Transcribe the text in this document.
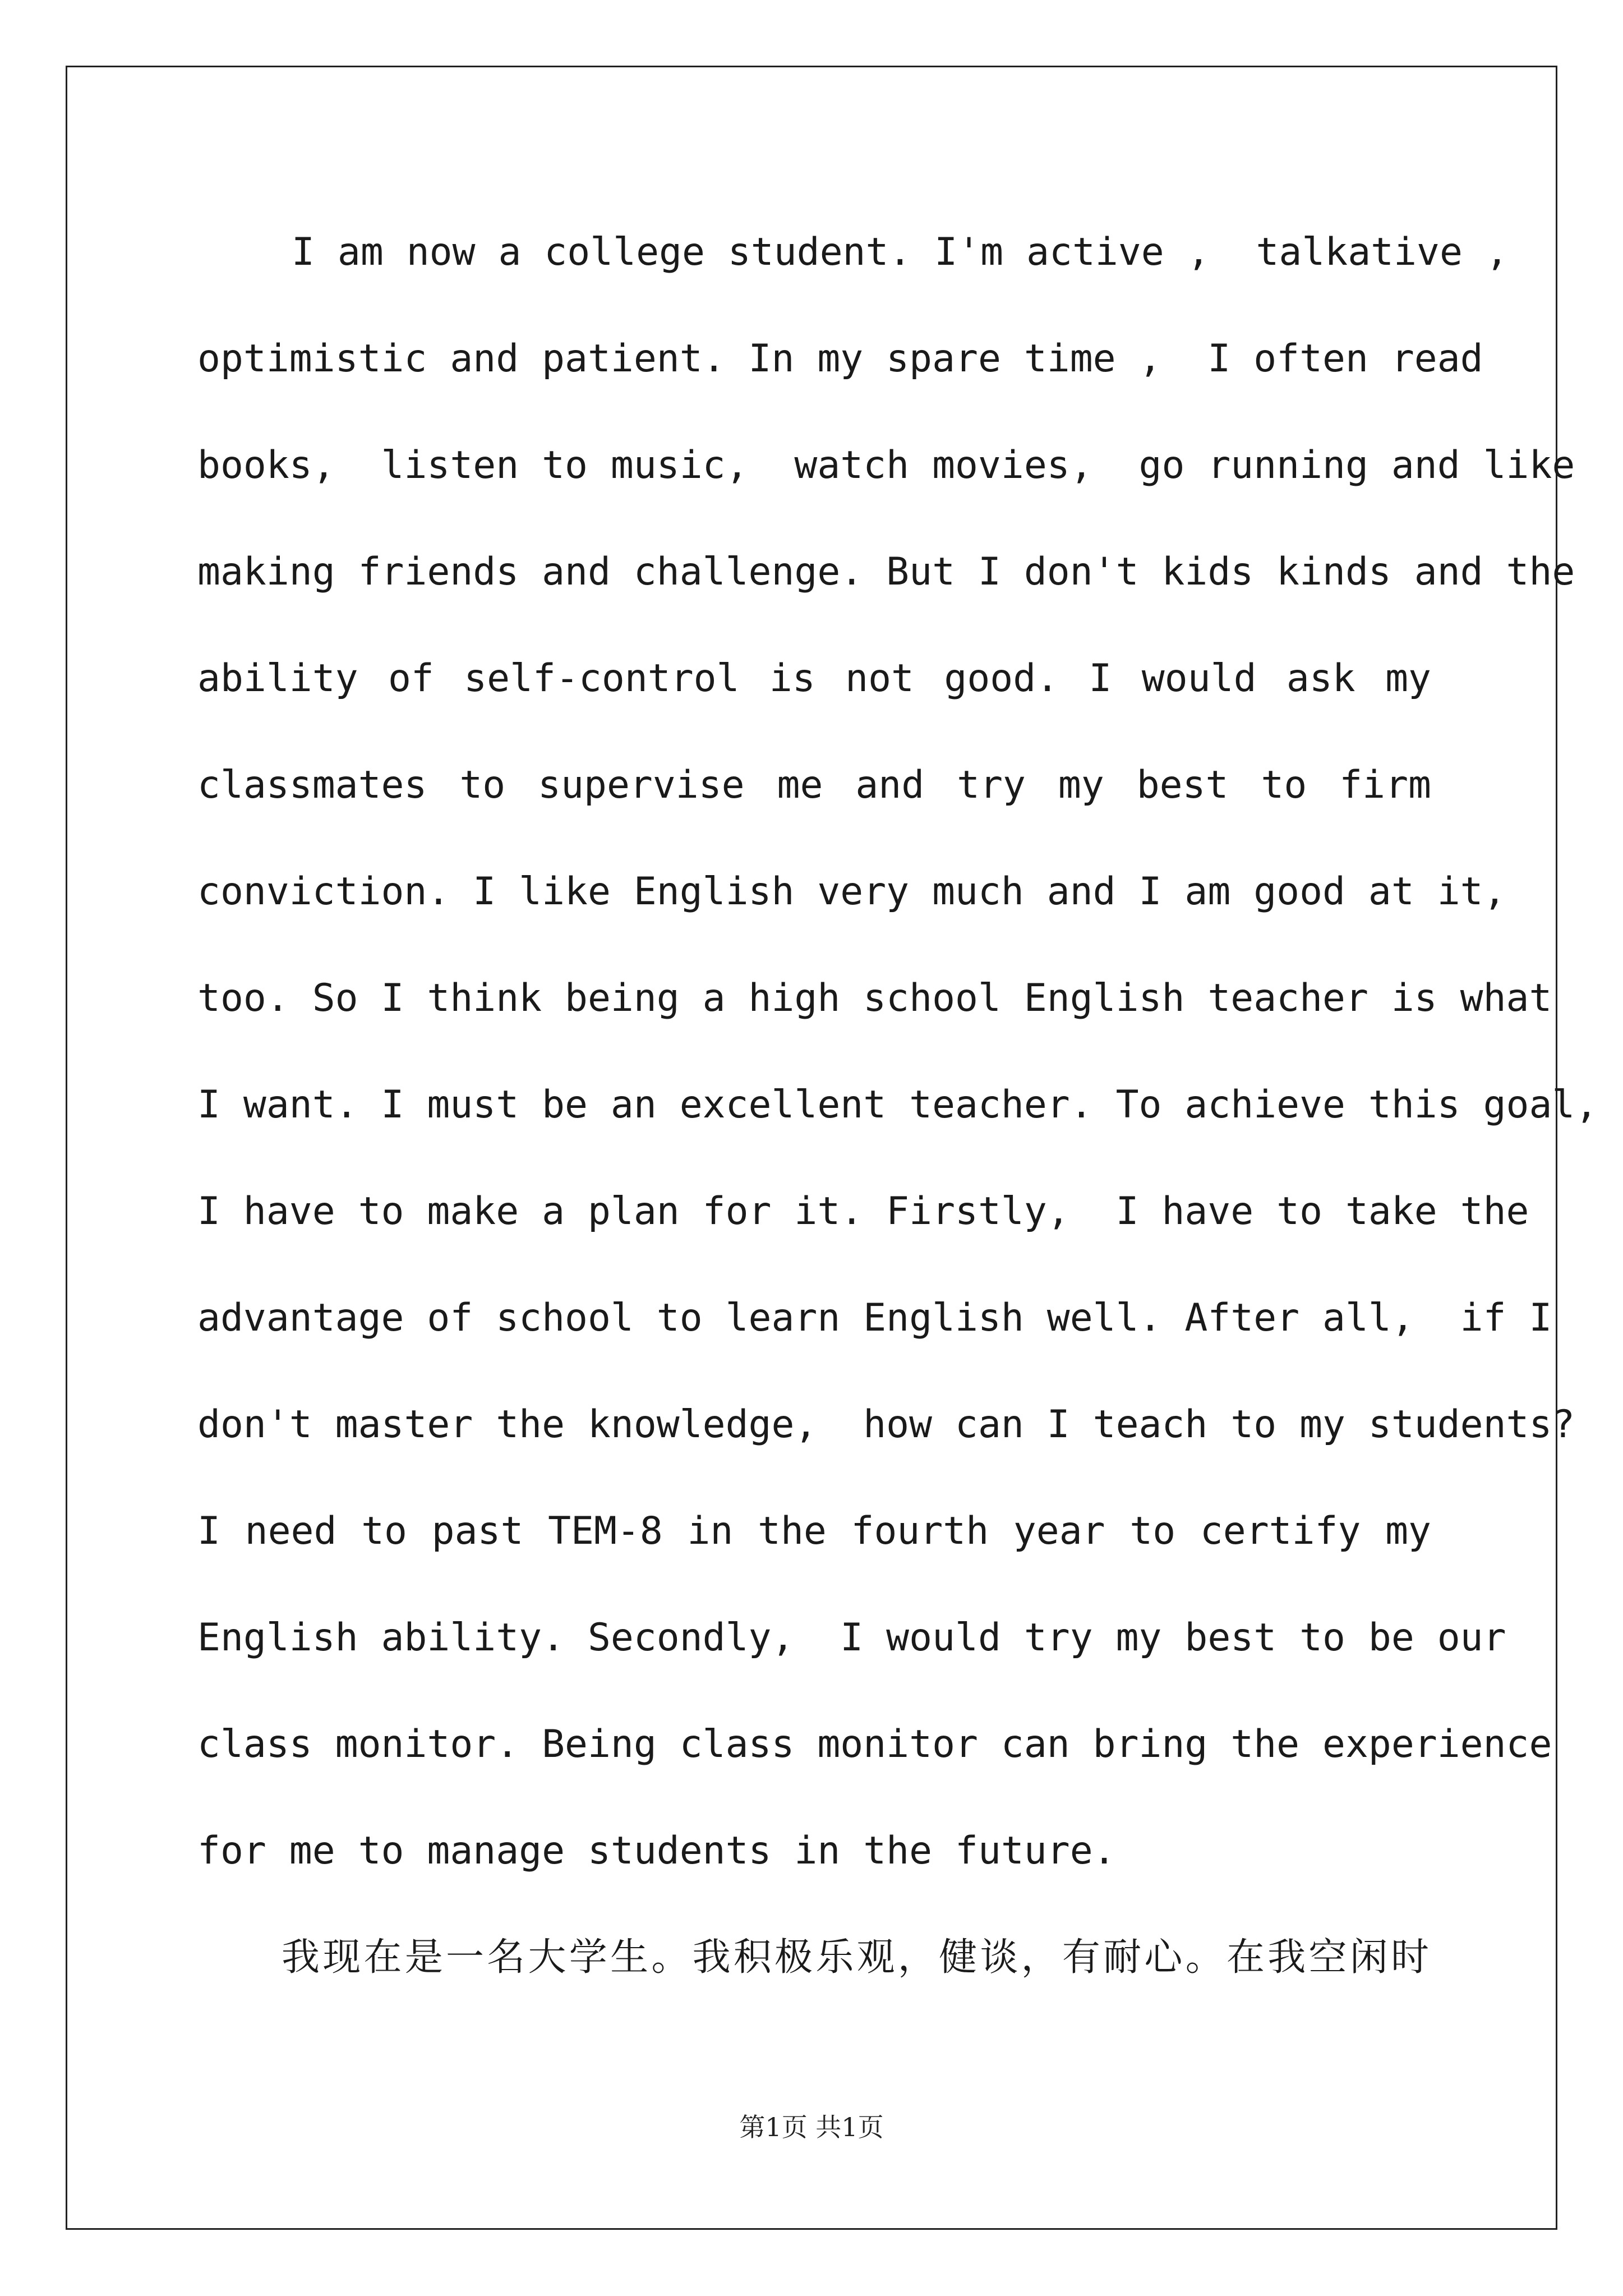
I am now a college student. I'm active ,  talkative ,
optimistic and patient. In my spare time ,  I often read
books,  listen to music,  watch movies,  go running and like
making friends and challenge. But I don't kids kinds and the
ability of self-control is not good. I would ask my
classmates to supervise me and try my best to firm
conviction. I like English very much and I am good at it,
too. So I think being a high school English teacher is what
I want. I must be an excellent teacher. To achieve this goal,
I have to make a plan for it. Firstly,  I have to take the
advantage of school to learn English well. After all,  if I
don't master the knowledge,  how can I teach to my students?
I need to past TEM-8 in the fourth year to certify my
English ability. Secondly,  I would try my best to be our
class monitor. Being class monitor can bring the experience
for me to manage students in the future.
我现在是一名大学生。我积极乐观，健谈，有耐心。在我空闲时
第1页 共1页
